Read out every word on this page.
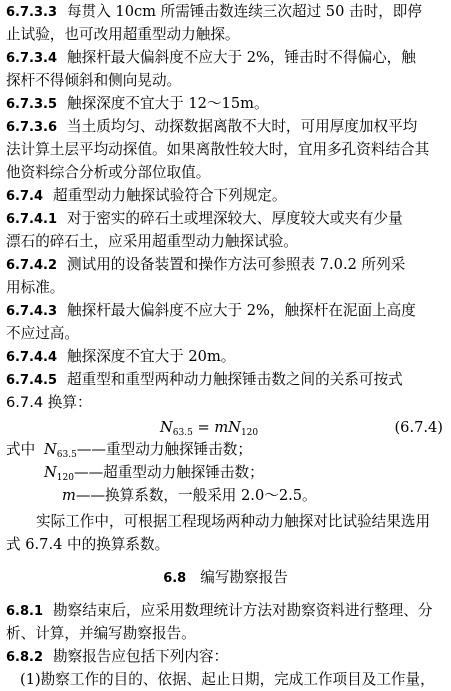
6.7.3.3 每贯入 10cm 所需锤击数连续三次超过 50 击时，即停
止试验，也可改用超重型动力触探。
6.7.3.4 触探杆最大偏斜度不应大于 2%，锤击时不得偏心，触
探杆不得倾斜和侧向晃动。
6.7.3.5 触探深度不宜大于 12～15m。
6.7.3.6 当土质均匀、动探数据离散不大时，可用厚度加权平均
法计算土层平均动探值。如果离散性较大时，宜用多孔资料结合其
他资料综合分析或分部位取值。
6.7.4 超重型动力触探试验符合下列规定。
6.7.4.1 对于密实的碎石土或埋深较大、厚度较大或夹有少量
漂石的碎石土，应采用超重型动力触探试验。
6.7.4.2 测试用的设备装置和操作方法可参照表 7.0.2 所列采
用标准。
6.7.4.3 触探杆最大偏斜度不应大于 2%，触探杆在泥面上高度
不应过高。
6.7.4.4 触探深度不宜大于 20m。
6.7.4.5 超重型和重型两种动力触探锤击数之间的关系可按式
6.7.4 换算：
$N_{63.5} = mN_{120}$	(6.7.4)
式中 $N_{63.5}——$重型动力触探锤击数；
$N_{120}——$超重型动力触探锤击数；
m——换算系数，一般采用 2.0～2.5。
实际工作中，可根据工程现场两种动力触探对比试验结果选用
式 6.7.4 中的换算系数。
6.8 编写勘察报告
6.8.1 勘察结束后，应采用数理统计方法对勘察资料进行整理、分
析、计算，并编写勘察报告。
6.8.2 勘察报告应包括下列内容：
(1)勘察工作的目的、依据、起止日期，完成工作项目及工作量，
